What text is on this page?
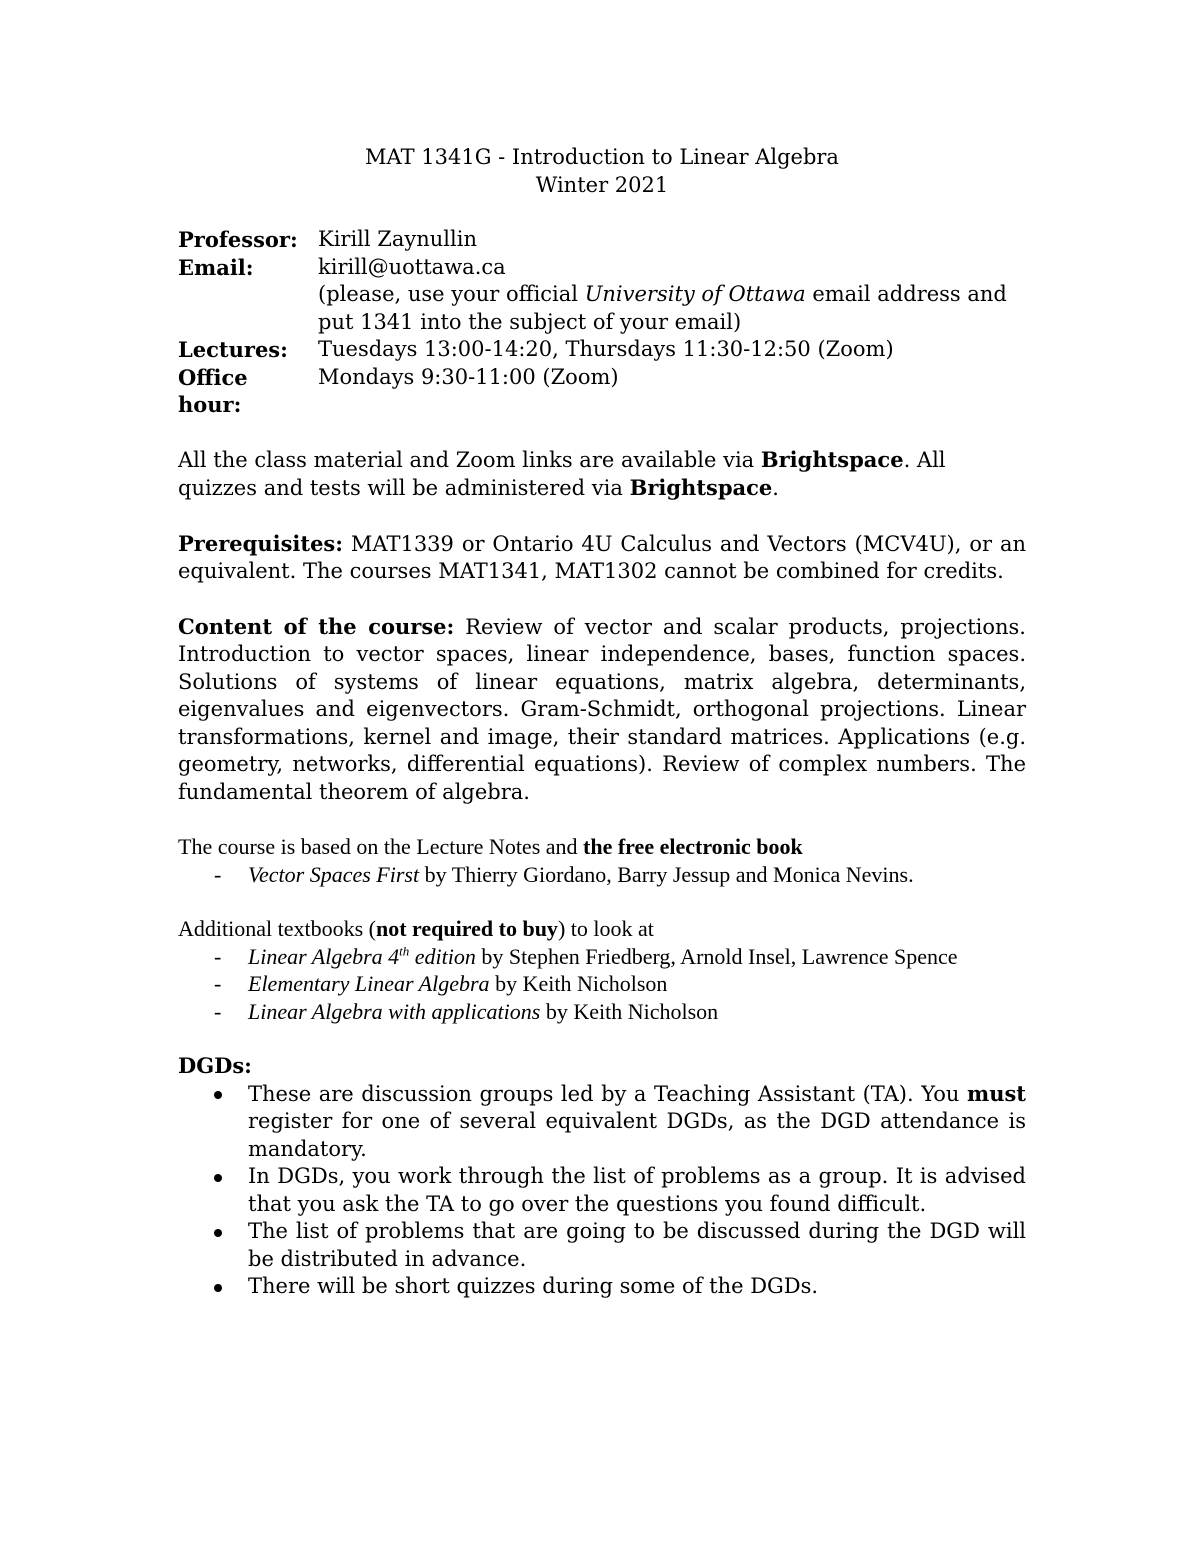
MAT 1341G - Introduction to Linear Algebra
Winter 2021
Professor:	Kirill Zaynullin
Email:	kirill@uottawa.ca
(please, use your official University of Ottawa email address and put 1341 into the subject of your email)

Lectures:	Tuesdays 13:00-14:20, Thursdays 11:30-12:50 (Zoom)
Office hour:	Mondays 9:30-11:00 (Zoom)

All the class material and Zoom links are available via Brightspace. All quizzes and tests will be administered via Brightspace.

Prerequisites: MAT1339 or Ontario 4U Calculus and Vectors (MCV4U), or an equivalent. The courses MAT1341, MAT1302 cannot be combined for credits.

Content of the course: Review of vector and scalar products, projections. Introduction to vector spaces, linear independence, bases, function spaces. Solutions of systems of linear equations, matrix algebra, determinants, eigenvalues and eigenvectors. Gram-Schmidt, orthogonal projections. Linear transformations, kernel and image, their standard matrices. Applications (e.g. geometry, networks, differential equations). Review of complex numbers. The fundamental theorem of algebra.

The course is based on the Lecture Notes and the free electronic book
- Vector Spaces First by Thierry Giordano, Barry Jessup and Monica Nevins.
Additional textbooks (not required to buy) to look at
- Linear Algebra 4th edition by Stephen Friedberg, Arnold Insel, Lawrence Spence
- Elementary Linear Algebra by Keith Nicholson
- Linear Algebra with applications by Keith Nicholson
DGDs:
These are discussion groups led by a Teaching Assistant (TA). You must register for one of several equivalent DGDs, as the DGD attendance is mandatory.
In DGDs, you work through the list of problems as a group. It is advised that you ask the TA to go over the questions you found difficult.
The list of problems that are going to be discussed during the DGD will be distributed in advance.
There will be short quizzes during some of the DGDs.
